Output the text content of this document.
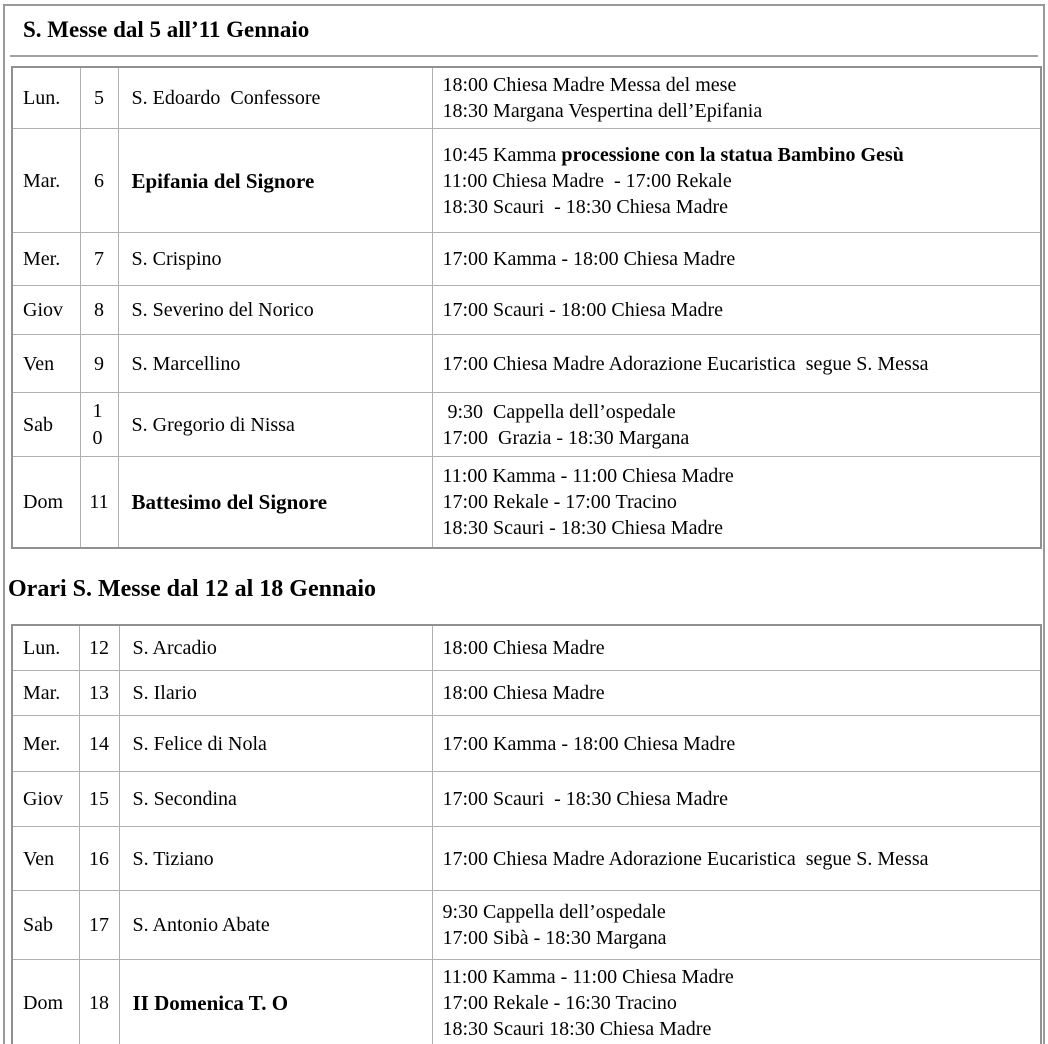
S. Messe dal 5 all’11 Gennaio
Lun.	5	S. Edoardo  Confessore	18:00 Chiesa Madre Messa del mese
18:30 Margana Vespertina dell’Epifania

Mar.	6	Epifania del Signore	10:45 Kamma processione con la statua Bambino Gesù
11:00 Chiesa Madre  - 17:00 Rekale
18:30 Scauri  - 18:30 Chiesa Madre

Mer.	7	S. Crispino	17:00 Kamma - 18:00 Chiesa Madre

Giov	8	S. Severino del Norico	17:00 Scauri - 18:00 Chiesa Madre

Ven	9	S. Marcellino	17:00 Chiesa Madre Adorazione Eucaristica  segue S. Messa

Sab	10	S. Gregorio di Nissa	9:30  Cappella dell’ospedale
17:00  Grazia - 18:30 Margana

Dom	11	Battesimo del Signore	11:00 Kamma - 11:00 Chiesa Madre
17:00 Rekale - 17:00 Tracino
18:30 Scauri - 18:30 Chiesa Madre
Orari S. Messe dal 12 al 18 Gennaio
Lun.	12	S. Arcadio	18:00 Chiesa Madre

Mar.	13	S. Ilario	18:00 Chiesa Madre

Mer.	14	S. Felice di Nola	17:00 Kamma - 18:00 Chiesa Madre

Giov	15	S. Secondina	17:00 Scauri  - 18:30 Chiesa Madre

Ven	16	S. Tiziano	17:00 Chiesa Madre Adorazione Eucaristica  segue S. Messa

Sab	17	S. Antonio Abate	9:30 Cappella dell’ospedale
17:00 Sibà - 18:30 Margana

Dom	18	II Domenica T. O	11:00 Kamma - 11:00 Chiesa Madre
17:00 Rekale - 16:30 Tracino
18:30 Scauri 18:30 Chiesa Madre
